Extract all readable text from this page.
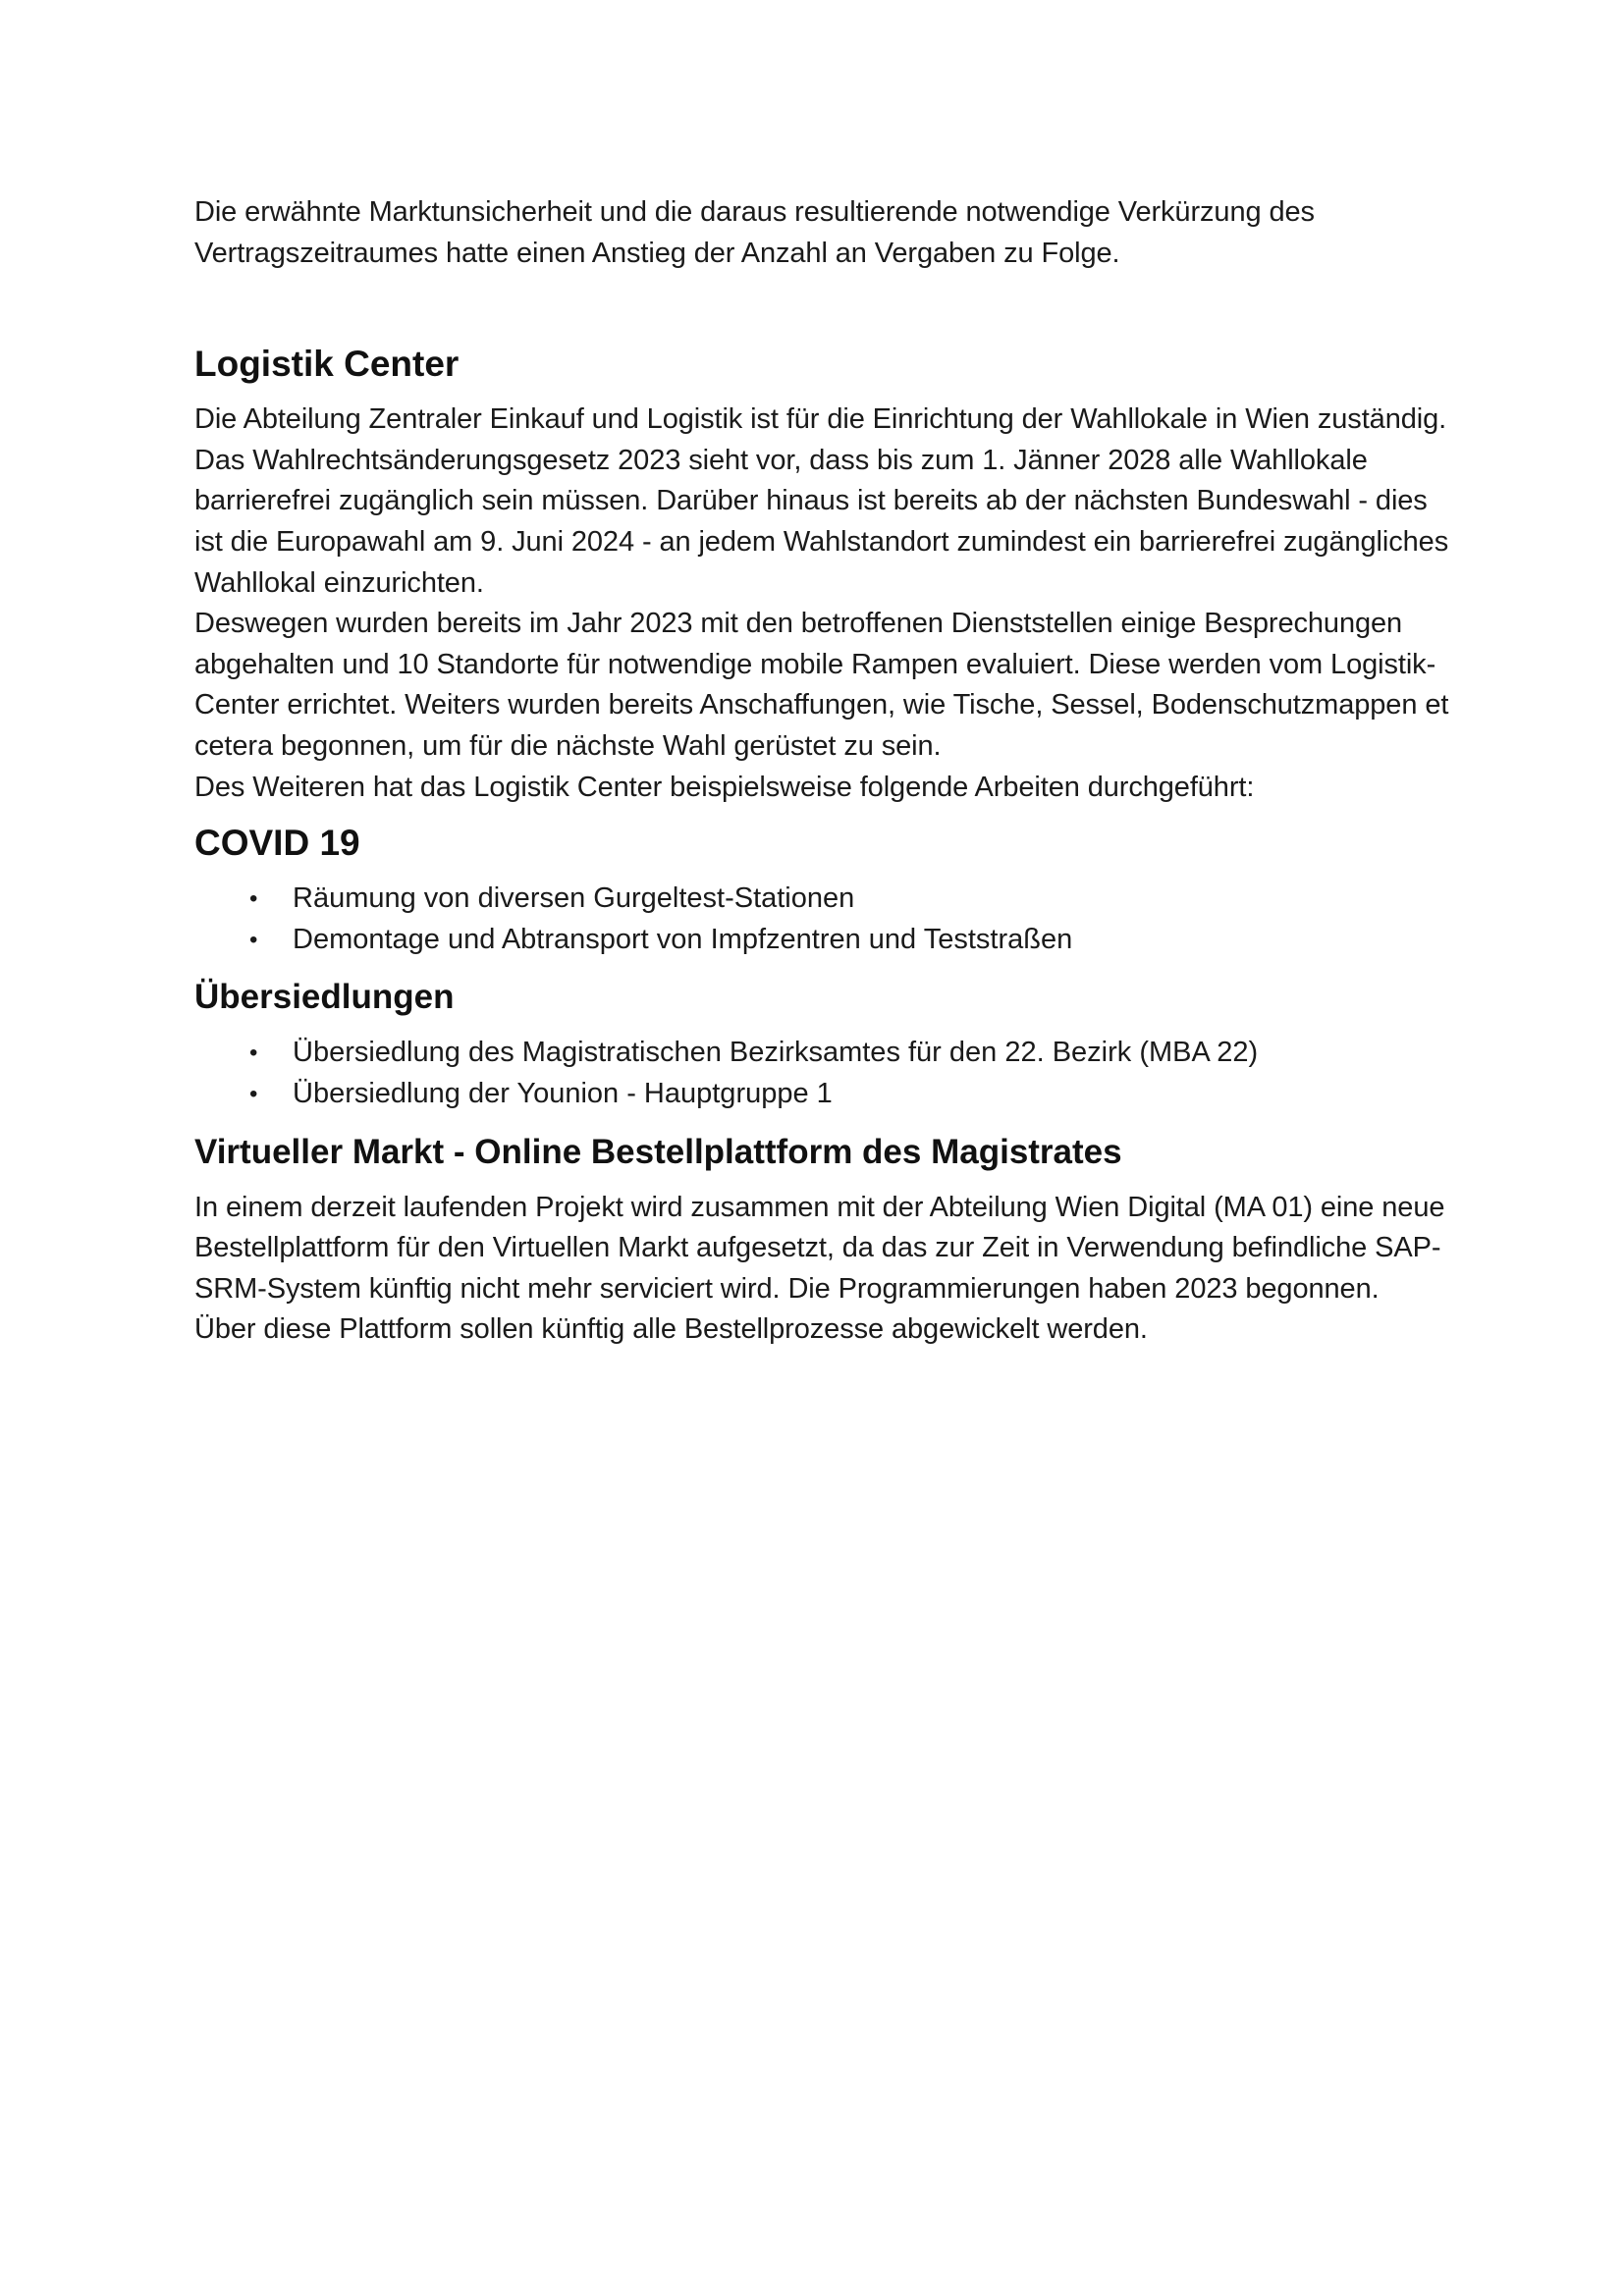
Die erwähnte Marktunsicherheit und die daraus resultierende notwendige Verkürzung des Vertragszeitraumes hatte einen Anstieg der Anzahl an Vergaben zu Folge.

Logistik Center

Die Abteilung Zentraler Einkauf und Logistik ist für die Einrichtung der Wahllokale in Wien zuständig. Das Wahlrechtsänderungsgesetz 2023 sieht vor, dass bis zum 1. Jänner 2028 alle Wahllokale barrierefrei zugänglich sein müssen. Darüber hinaus ist bereits ab der nächsten Bundeswahl - dies ist die Europawahl am 9. Juni 2024 - an jedem Wahlstandort zumindest ein barrierefrei zugängliches Wahllokal einzurichten.

Deswegen wurden bereits im Jahr 2023 mit den betroffenen Dienststellen einige Besprechungen abgehalten und 10 Standorte für notwendige mobile Rampen evaluiert. Diese werden vom Logistik-Center errichtet. Weiters wurden bereits Anschaffungen, wie Tische, Sessel, Bodenschutzmappen et cetera begonnen, um für die nächste Wahl gerüstet zu sein.

Des Weiteren hat das Logistik Center beispielsweise folgende Arbeiten durchgeführt:

COVID 19
• Räumung von diversen Gurgeltest-Stationen
• Demontage und Abtransport von Impfzentren und Teststraßen
Übersiedlungen
• Übersiedlung des Magistratischen Bezirksamtes für den 22. Bezirk (MBA 22)
• Übersiedlung der Younion - Hauptgruppe 1
Virtueller Markt - Online Bestellplattform des Magistrates

In einem derzeit laufenden Projekt wird zusammen mit der Abteilung Wien Digital (MA 01) eine neue Bestellplattform für den Virtuellen Markt aufgesetzt, da das zur Zeit in Verwendung befindliche SAP-SRM-System künftig nicht mehr serviciert wird. Die Programmierungen haben 2023 begonnen.

Über diese Plattform sollen künftig alle Bestellprozesse abgewickelt werden.
